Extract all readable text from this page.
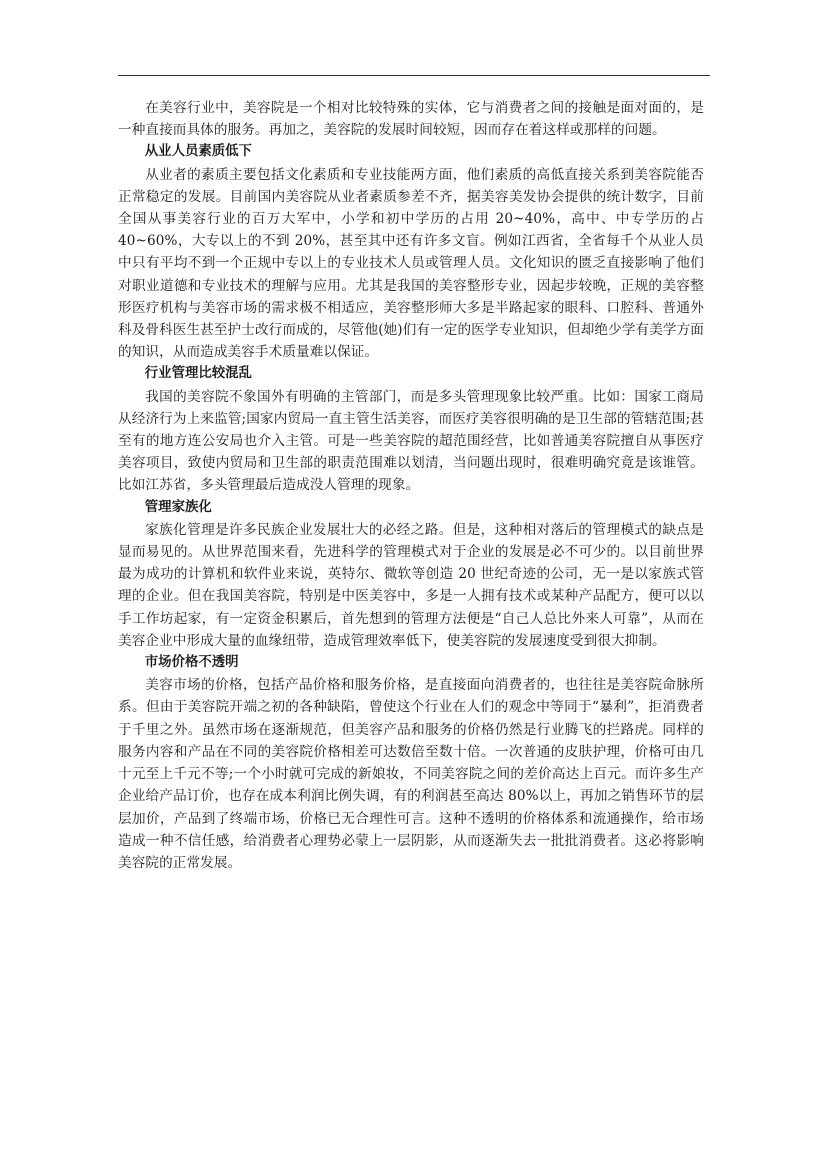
在美容行业中，美容院是一个相对比较特殊的实体，它与消费者之间的接触是面对面的，是一种直接而具体的服务。再加之，美容院的发展时间较短，因而存在着这样或那样的问题。

从业人员素质低下

从业者的素质主要包括文化素质和专业技能两方面，他们素质的高低直接关系到美容院能否正常稳定的发展。目前国内美容院从业者素质参差不齐，据美容美发协会提供的统计数字，目前全国从事美容行业的百万大军中，小学和初中学历的占用 20~40%，高中、中专学历的占 40~60%，大专以上的不到 20%，甚至其中还有许多文盲。例如江西省，全省每千个从业人员中只有平均不到一个正规中专以上的专业技术人员或管理人员。文化知识的匮乏直接影响了他们对职业道德和专业技术的理解与应用。尤其是我国的美容整形专业，因起步较晚，正规的美容整形医疗机构与美容市场的需求极不相适应，美容整形师大多是半路起家的眼科、口腔科、普通外科及骨科医生甚至护士改行而成的，尽管他(她)们有一定的医学专业知识，但却绝少学有美学方面的知识，从而造成美容手术质量难以保证。

行业管理比较混乱

我国的美容院不象国外有明确的主管部门，而是多头管理现象比较严重。比如：国家工商局从经济行为上来监管;国家内贸局一直主管生活美容，而医疗美容很明确的是卫生部的管辖范围;甚至有的地方连公安局也介入主管。可是一些美容院的超范围经营，比如普通美容院擅自从事医疗美容项目，致使内贸局和卫生部的职责范围难以划清，当问题出现时，很难明确究竟是该谁管。比如江苏省，多头管理最后造成没人管理的现象。

管理家族化

家族化管理是许多民族企业发展壮大的必经之路。但是，这种相对落后的管理模式的缺点是显而易见的。从世界范围来看，先进科学的管理模式对于企业的发展是必不可少的。以目前世界最为成功的计算机和软件业来说，英特尔、微软等创造 20 世纪奇迹的公司，无一是以家族式管理的企业。但在我国美容院，特别是中医美容中，多是一人拥有技术或某种产品配方，便可以以手工作坊起家，有一定资金积累后，首先想到的管理方法便是“自己人总比外来人可靠”，从而在美容企业中形成大量的血缘纽带，造成管理效率低下，使美容院的发展速度受到很大抑制。

市场价格不透明

美容市场的价格，包括产品价格和服务价格，是直接面向消费者的，也往往是美容院命脉所系。但由于美容院开端之初的各种缺陷，曾使这个行业在人们的观念中等同于“暴利”，拒消费者于千里之外。虽然市场在逐渐规范，但美容产品和服务的价格仍然是行业腾飞的拦路虎。同样的服务内容和产品在不同的美容院价格相差可达数倍至数十倍。一次普通的皮肤护理，价格可由几十元至上千元不等;一个小时就可完成的新娘妆，不同美容院之间的差价高达上百元。而许多生产企业给产品订价，也存在成本利润比例失调，有的利润甚至高达 80%以上，再加之销售环节的层层加价，产品到了终端市场，价格已无合理性可言。这种不透明的价格体系和流通操作，给市场造成一种不信任感，给消费者心理势必蒙上一层阴影，从而逐渐失去一批批消费者。这必将影响美容院的正常发展。
